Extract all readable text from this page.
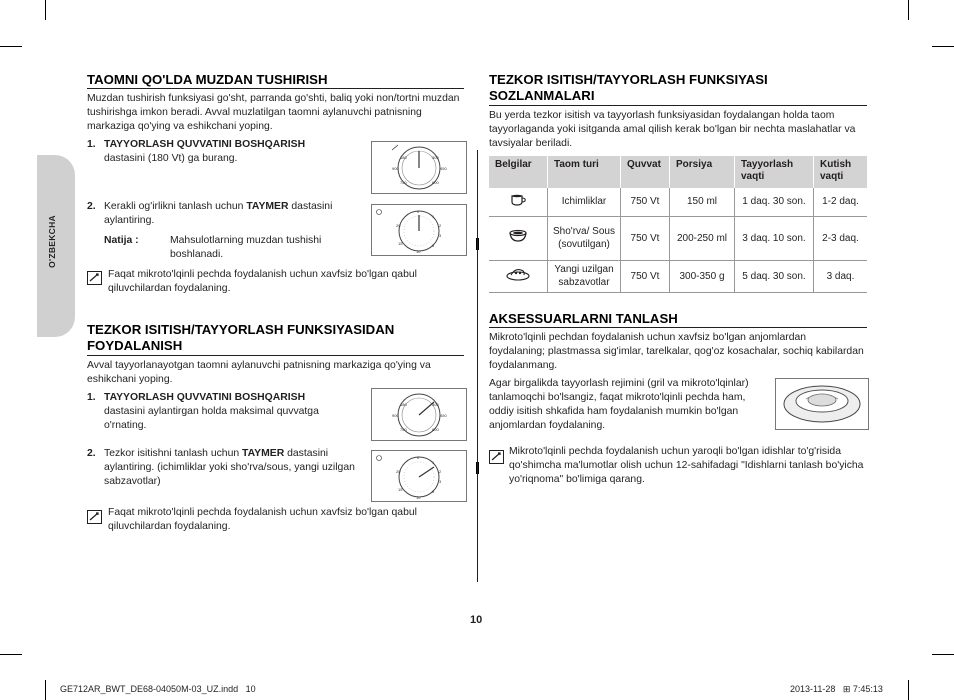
O'ZBEKCHA
TAOMNI QO'LDA MUZDAN TUSHIRISH

Muzdan tushirish funksiyasi go'sht, parranda go'shti, baliq yoki non/tortni muzdan tushirishga imkon beradi. Avval muzlatilgan taomni aylanuvchi patnisning markaziga qo'ying va eshikchani yoping.

1. TAYYORLASH QUVVATINI BOSHQARISH
dastasini (180 Vt) ga burang.	180	300
450
600
750
900
2. Kerakli og'irlikni tanlash uchun TAYMER dastasini aylantiring.
0
1
2
3
5
10
15
20
Natija :	Mahsulotlarning muzdan tushishi boshlanadi.

Faqat mikroto'lqinli pechda foydalanish uchun xavfsiz bo'lgan qabul qiluvchilardan foydalaning.

TEZKOR ISITISH/TAYYORLASH FUNKSIYASIDAN FOYDALANISH

Avval tayyorlanayotgan taomni aylanuvchi patnisning markaziga qo'ying va eshikchani yoping.

1. TAYYORLASH QUVVATINI BOSHQARISH
dastasini aylantirgan holda maksimal quvvatga o'rnating.
180	300
450
600
750
900
2. Tezkor isitishni tanlash uchun TAYMER dastasini aylantiring. (ichimliklar yoki sho'rva/sous, yangi uzilgan sabzavotlar)
0
1
2
3
5
10
15
20

Faqat mikroto'lqinli pechda foydalanish uchun xavfsiz bo'lgan qabul qiluvchilardan foydalaning.

TEZKOR ISITISH/TAYYORLASH FUNKSIYASI SOZLANMALARI

Bu yerda tezkor isitish va tayyorlash funksiyasidan foydalangan holda taom tayyorlaganda yoki isitganda amal qilish kerak bo'lgan bir nechta maslahatlar va tavsiyalar beriladi.

Belgilar	Taom turi	Quvvat	Porsiya	Tayyorlash vaqti	Kutish vaqti
	Ichimliklar	750 Vt	150 ml	1 daq. 30 son.	1-2 daq.
	Sho'rva/ Sous (sovutilgan)	750 Vt	200-250 ml	3 daq. 10 son.	2-3 daq.
	Yangi uzilgan sabzavotlar	750 Vt	300-350 g	5 daq. 30 son.	3 daq.
AKSESSUARLARNI TANLASH

Mikroto'lqinli pechdan foydalanish uchun xavfsiz bo'lgan anjomlardan foydalaning; plastmassa sig'imlar, tarelkalar, qog'oz kosachalar, sochiq kabilardan foydalanmang.

Agar birgalikda tayyorlash rejimini (gril va mikroto'lqinlar) tanlamoqchi bo'lsangiz, faqat mikroto'lqinli pechda ham, oddiy isitish shkafida ham foydalanish mumkin bo'lgan anjomlardan foydalaning.

Mikroto'lqinli pechda foydalanish uchun yaroqli bo'lgan idishlar to'g'risida qo'shimcha ma'lumotlar olish uchun 12-sahifadagi "Idishlarni tanlash bo'yicha yo'riqnoma" bo'limiga qarang.

10
GE712AR_BWT_DE68-04050M-03_UZ.indd   10	2013-11-28   ⊞ 7:45:13
